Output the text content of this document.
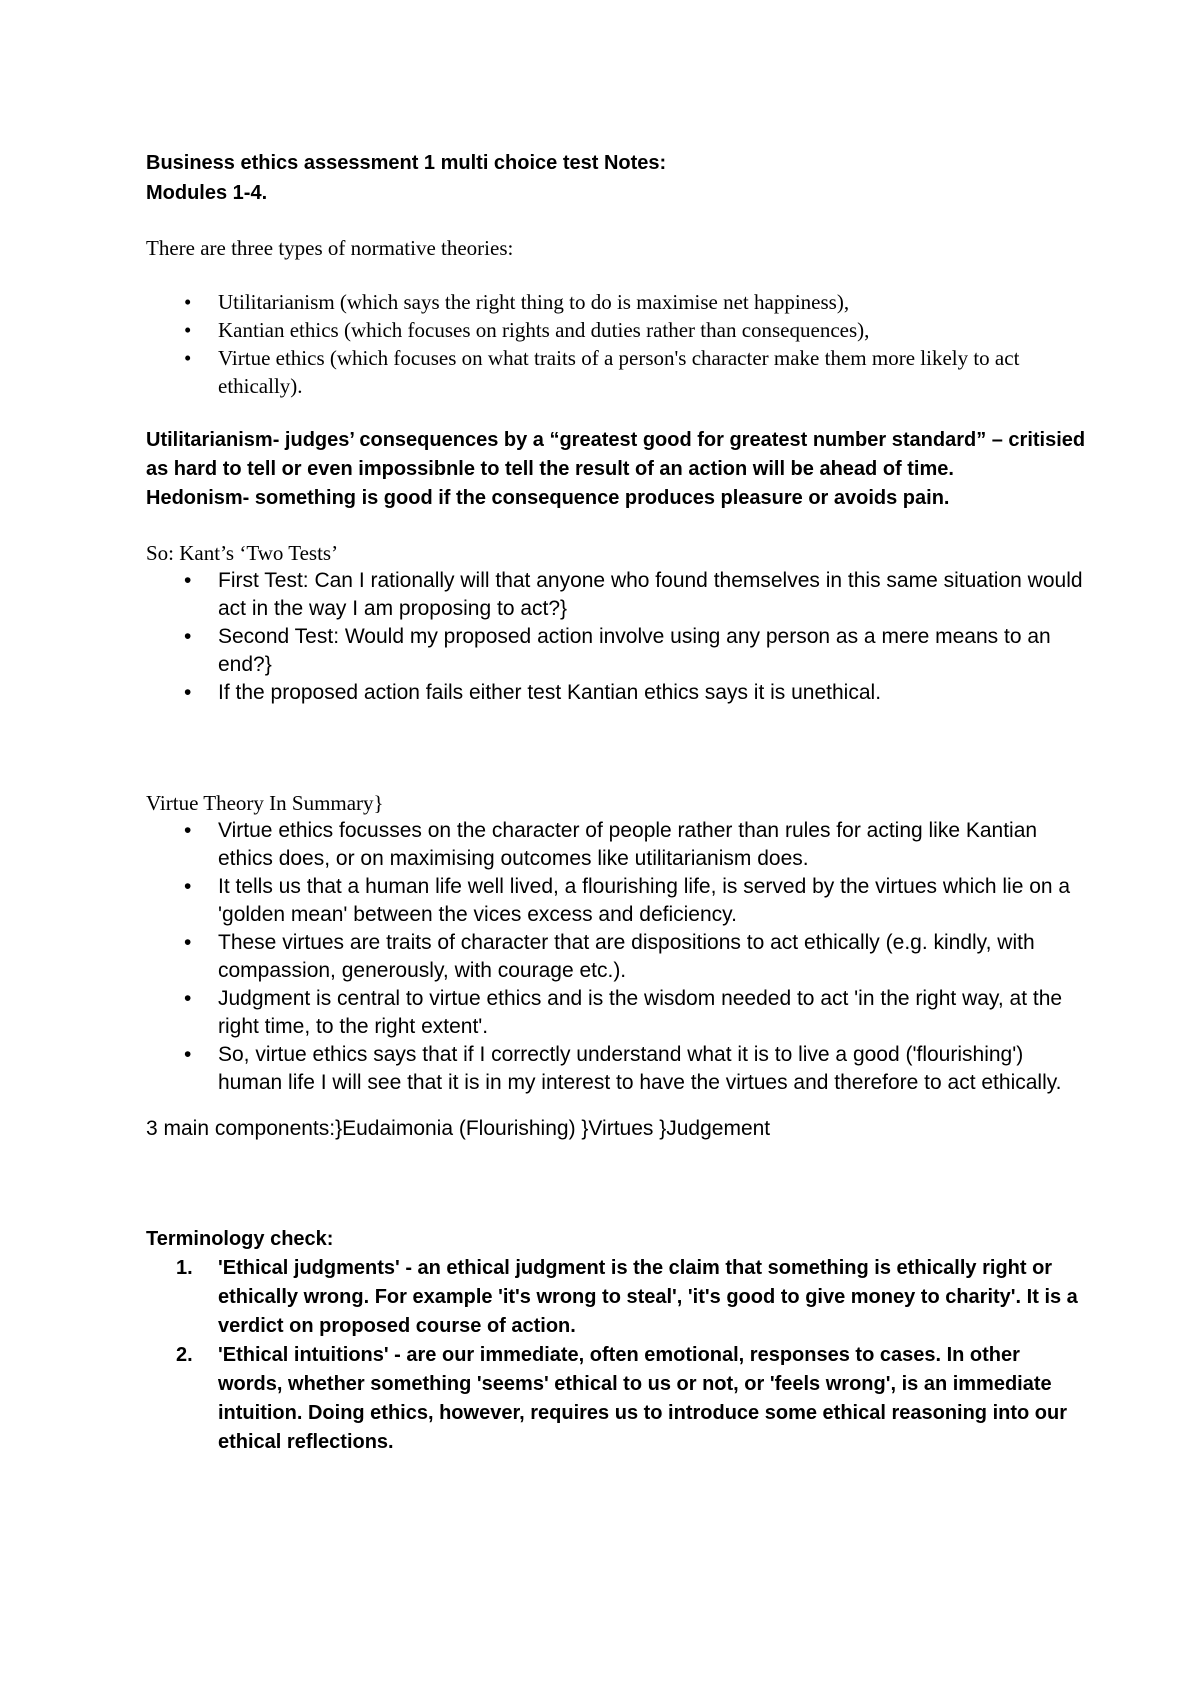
Business ethics assessment 1 multi choice test Notes:

Modules 1-4.

There are three types of normative theories:

• Utilitarianism (which says the right thing to do is maximise net happiness),
• Kantian ethics (which focuses on rights and duties rather than consequences),
• Virtue ethics (which focuses on what traits of a person's character make them more likely to act ethically).

Utilitarianism- judges’ consequences by a “greatest good for greatest number standard” – critisied as hard to tell or even impossibnle to tell the result of an action will be ahead of time.

Hedonism- something is good if the consequence produces pleasure or avoids pain.

So: Kant’s ‘Two Tests’

• First Test: Can I rationally will that anyone who found themselves in this same situation would act in the way I am proposing to act?}
• Second Test: Would my proposed action involve using any person as a mere means to an end?}
• If the proposed action fails either test Kantian ethics says it is unethical.

Virtue Theory In Summary}

• Virtue ethics focusses on the character of people rather than rules for acting like Kantian ethics does, or on maximising outcomes like utilitarianism does.
• It tells us that a human life well lived, a flourishing life, is served by the virtues which lie on a 'golden mean' between the vices excess and deficiency.
• These virtues are traits of character that are dispositions to act ethically (e.g. kindly, with compassion, generously, with courage etc.).
• Judgment is central to virtue ethics and is the wisdom needed to act 'in the right way, at the right time, to the right extent'.
• So, virtue ethics says that if I correctly understand what it is to live a good ('flourishing') human life I will see that it is in my interest to have the virtues and therefore to act ethically.

3 main components:}Eudaimonia (Flourishing) }Virtues }Judgement

Terminology check:

1. 'Ethical judgments' - an ethical judgment is the claim that something is ethically right or ethically wrong. For example 'it's wrong to steal', 'it's good to give money to charity'. It is a verdict on proposed course of action.
2. 'Ethical intuitions' - are our immediate, often emotional, responses to cases. In other words, whether something 'seems' ethical to us or not, or 'feels wrong', is an immediate intuition. Doing ethics, however, requires us to introduce some ethical reasoning into our ethical reflections.
